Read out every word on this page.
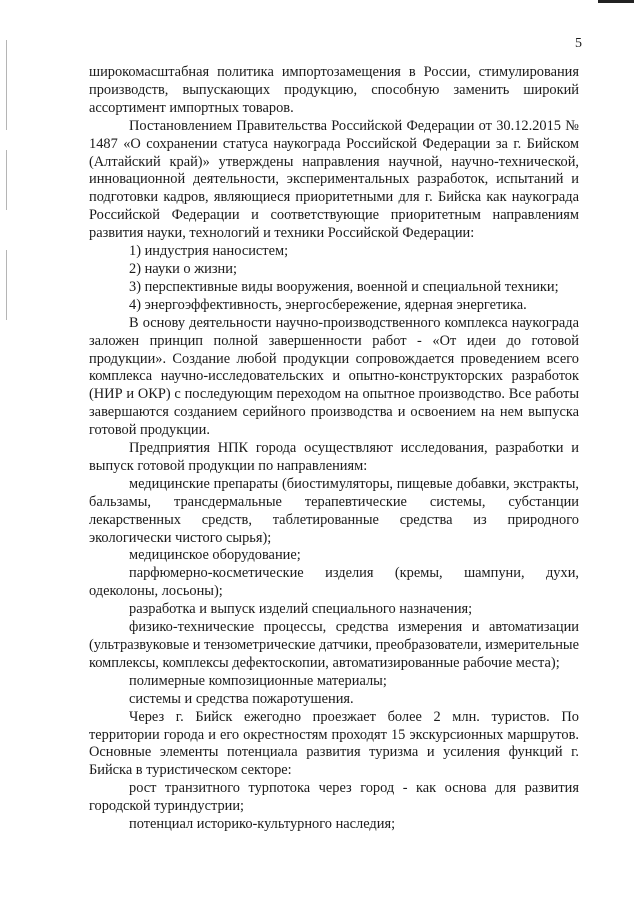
5

широкомасштабная политика импортозамещения в России, стимулирования производств, выпускающих продукцию, способную заменить широкий ассортимент импортных товаров.

Постановлением Правительства Российской Федерации от 30.12.2015 № 1487 «О сохранении статуса наукограда Российской Федерации за г. Бийском (Алтайский край)» утверждены направления научной, научно-технической, инновационной деятельности, экспериментальных разработок, испытаний и подготовки кадров, являющиеся приоритетными для г. Бийска как наукограда Российской Федерации и соответствующие приоритетным направлениям развития науки, технологий и техники Российской Федерации:

1) индустрия наносистем;

2) науки о жизни;

3) перспективные виды вооружения, военной и специальной техники;

4) энергоэффективность, энергосбережение, ядерная энергетика.

В основу деятельности научно-производственного комплекса наукограда заложен принцип полной завершенности работ - «От идеи до готовой продукции». Создание любой продукции сопровождается проведением всего комплекса научно-исследовательских и опытно-конструкторских разработок (НИР и ОКР) с последующим переходом на опытное производство. Все работы завершаются созданием серийного производства и освоением на нем выпуска готовой продукции.

Предприятия НПК города осуществляют исследования, разработки и выпуск готовой продукции по направлениям:

медицинские препараты (биостимуляторы, пищевые добавки, экстракты, бальзамы, трансдермальные терапевтические системы, субстанции лекарственных средств, таблетированные средства из природного экологически чистого сырья);

медицинское оборудование;

парфюмерно-косметические изделия (кремы, шампуни, духи, одеколоны, лосьоны);

разработка и выпуск изделий специального назначения;

физико-технические процессы, средства измерения и автоматизации (ультразвуковые и тензометрические датчики, преобразователи, измерительные комплексы, комплексы дефектоскопии, автоматизированные рабочие места);

полимерные композиционные материалы;

системы и средства пожаротушения.

Через г. Бийск ежегодно проезжает более 2 млн. туристов. По территории города и его окрестностям проходят 15 экскурсионных маршрутов. Основные элементы потенциала развития туризма и усиления функций г. Бийска в туристическом секторе:

рост транзитного турпотока через город - как основа для развития городской туриндустрии;

потенциал историко-культурного наследия;
